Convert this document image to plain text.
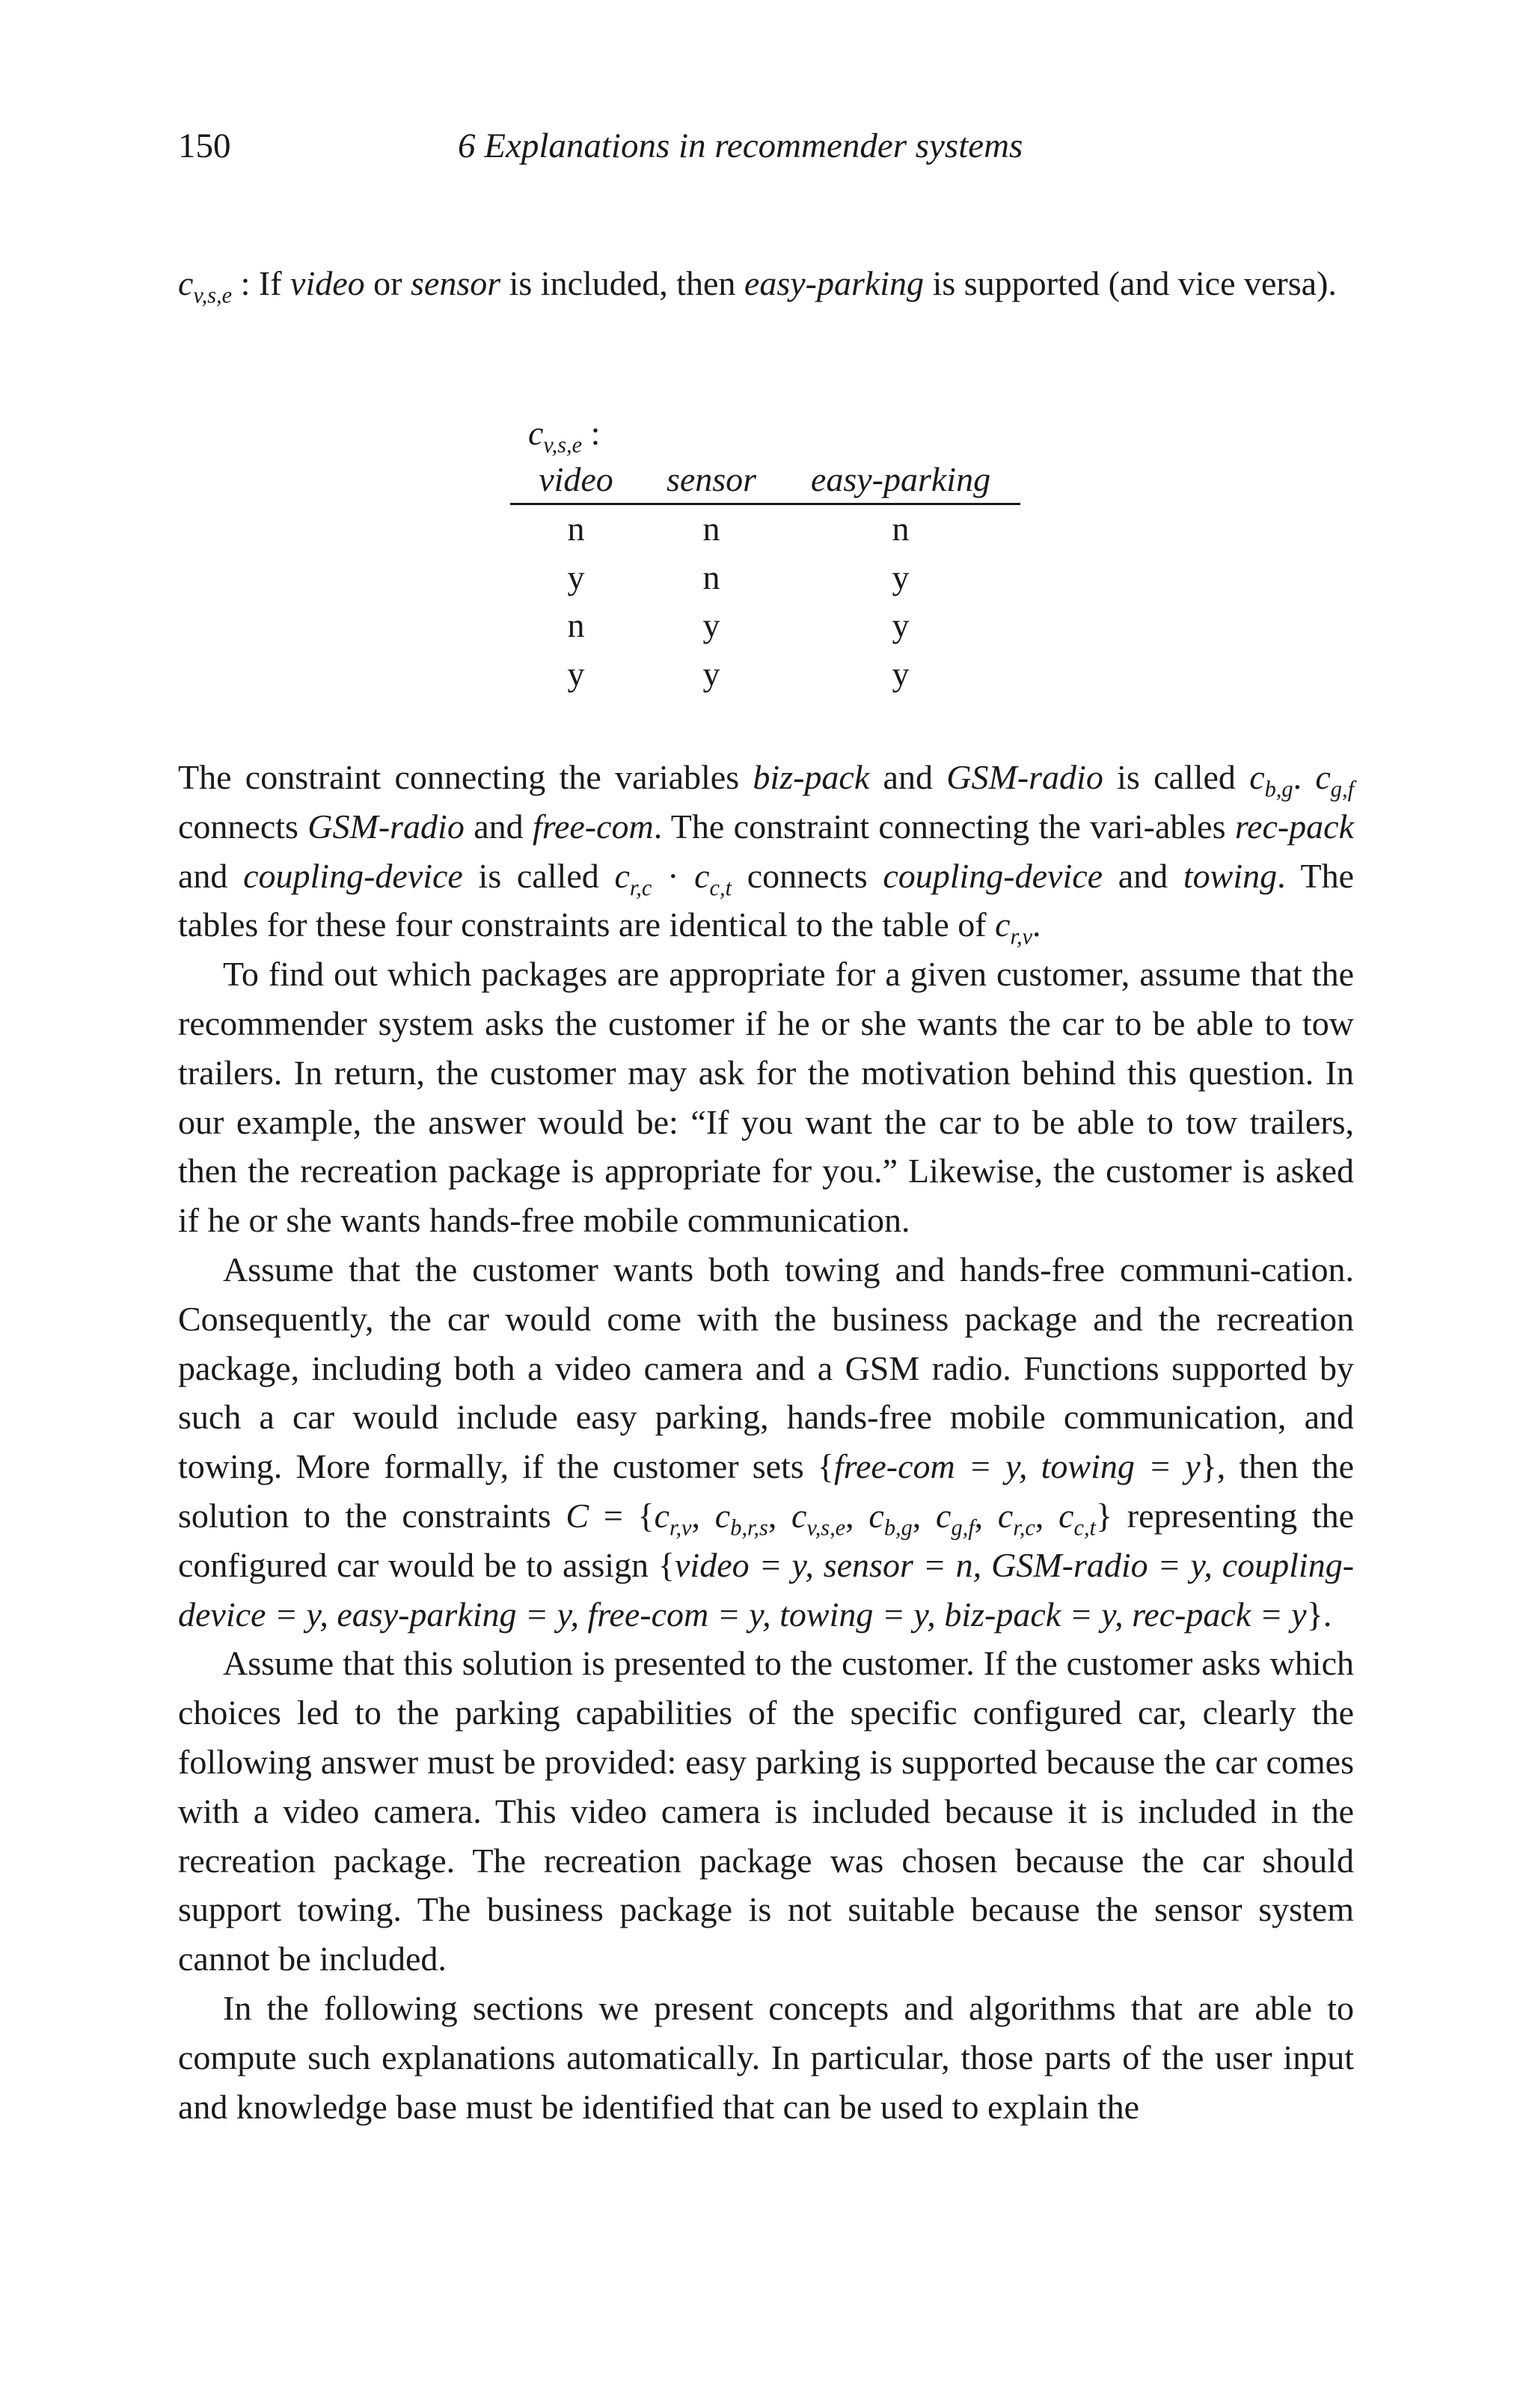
150	6 Explanations in recommender systems

$c_{v,s,e}$ : If video or sensor is included, then easy-parking is supported (and vice versa).

$c_{v,s,e}$ :
video	sensor	easy-parking
n	n	n
y	n	y
n	y	y
y	y	y

The constraint connecting the variables biz-pack and GSM-radio is called $c_{b,g}$. $c_{g,f}$ connects GSM-radio and free-com. The constraint connecting the vari‑ables rec-pack and coupling-device is called $c_{r,c} \cdot c_{c,t}$ connects coupling-device and towing. The tables for these four constraints are identical to the table of $c_{r,v}$.

To find out which packages are appropriate for a given customer, assume that the recommender system asks the customer if he or she wants the car to be able to tow trailers. In return, the customer may ask for the motivation behind this question. In our example, the answer would be: “If you want the car to be able to tow trailers, then the recreation package is appropriate for you.” Likewise, the customer is asked if he or she wants hands-free mobile communication.

Assume that the customer wants both towing and hands-free communi‑cation. Consequently, the car would come with the business package and the recreation package, including both a video camera and a GSM radio. Functions supported by such a car would include easy parking, hands-free mobile communication, and towing. More formally, if the customer sets {free-com = y, towing = y}, then the solution to the constraints $C = \{c_{r,v}$, $c_{b,r,s}$, $c_{v,s,e}$, $c_{b,g}$, $c_{g,f}$, $c_{r,c}$, $c_{c,t}$} representing the configured car would be to assign {video = y, sensor = n, GSM-radio = y, coupling-device = y, easy-parking = y, free-com = y, towing = y, biz-pack = y, rec-pack = y}.

Assume that this solution is presented to the customer. If the customer asks which choices led to the parking capabilities of the specific configured car, clearly the following answer must be provided: easy parking is supported because the car comes with a video camera. This video camera is included because it is included in the recreation package. The recreation package was chosen because the car should support towing. The business package is not suitable because the sensor system cannot be included.

In the following sections we present concepts and algorithms that are able to compute such explanations automatically. In particular, those parts of the user input and knowledge base must be identified that can be used to explain the
